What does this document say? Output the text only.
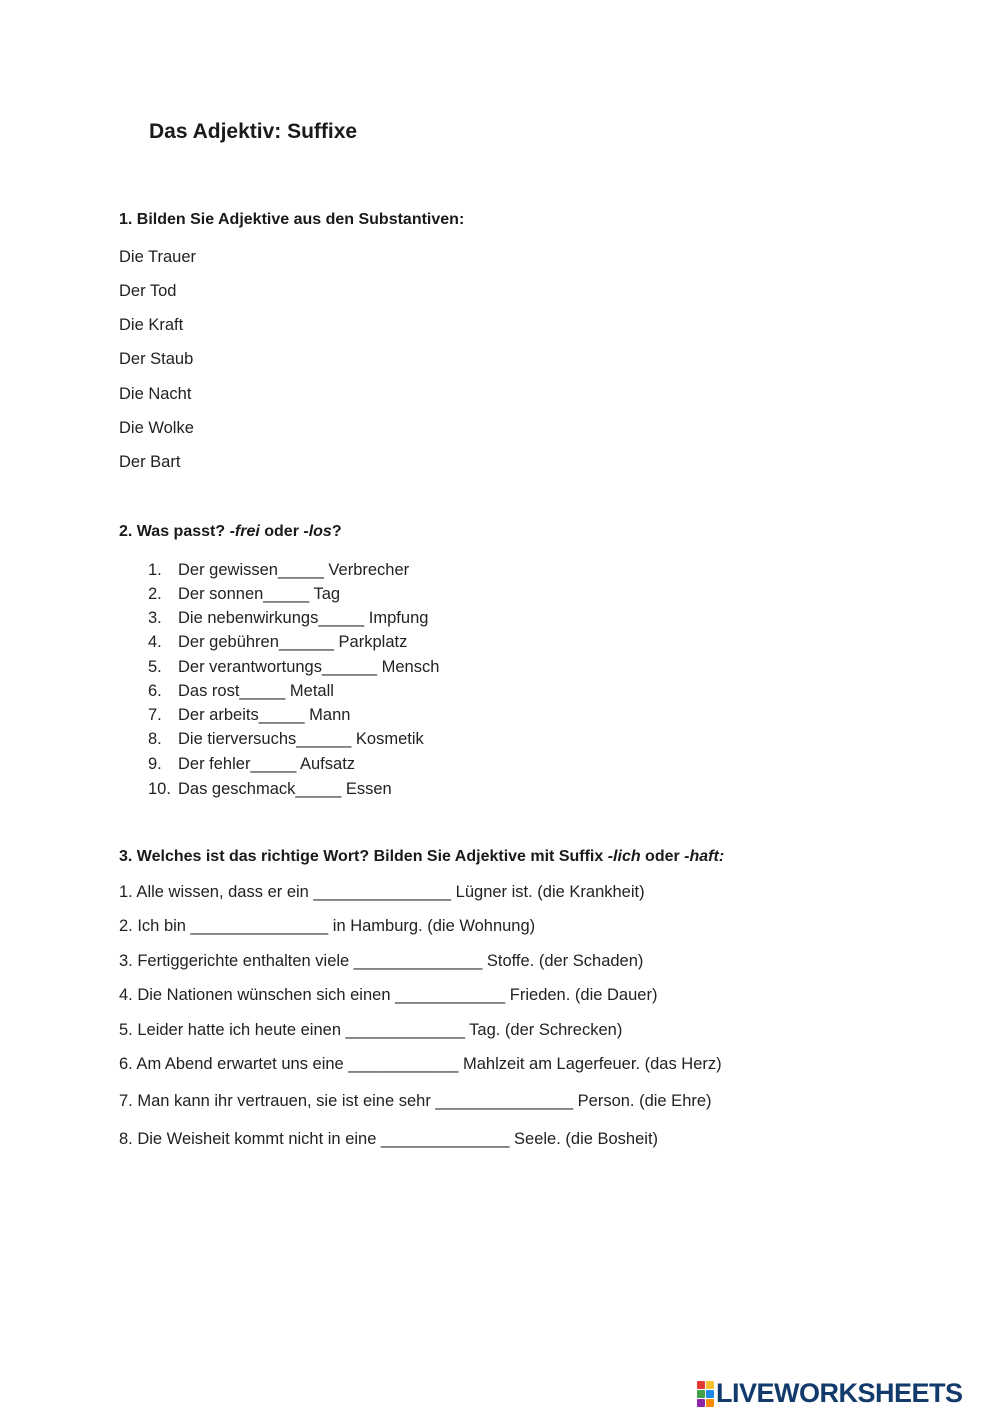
Das Adjektiv: Suffixe
1. Bilden Sie Adjektive aus den Substantiven:
Die Trauer
Der Tod
Die Kraft
Der Staub
Die Nacht
Die Wolke
Der Bart
2. Was passt? -frei oder -los?
1. Der gewissen_____ Verbrecher
2. Der sonnen_____ Tag
3. Die nebenwirkungs_____ Impfung
4. Der gebühren______ Parkplatz
5. Der verantwortungs______ Mensch
6. Das rost_____ Metall
7. Der arbeits_____ Mann
8. Die tierversuchs______ Kosmetik
9. Der fehler_____ Aufsatz
10. Das geschmack_____ Essen
3. Welches ist das richtige Wort? Bilden Sie Adjektive mit Suffix -lich oder -haft:
1. Alle wissen, dass er ein _______________ Lügner ist. (die Krankheit)
2. Ich bin _______________ in Hamburg. (die Wohnung)
3. Fertiggerichte enthalten viele ______________ Stoffe. (der Schaden)
4. Die Nationen wünschen sich einen ____________ Frieden. (die Dauer)
5. Leider hatte ich heute einen _____________ Tag. (der Schrecken)
6. Am Abend erwartet uns eine ____________ Mahlzeit am Lagerfeuer. (das Herz)
7. Man kann ihr vertrauen, sie ist eine sehr _______________ Person. (die Ehre)
8. Die Weisheit kommt nicht in eine ______________ Seele. (die Bosheit)
LIVEWORKSHEETS
